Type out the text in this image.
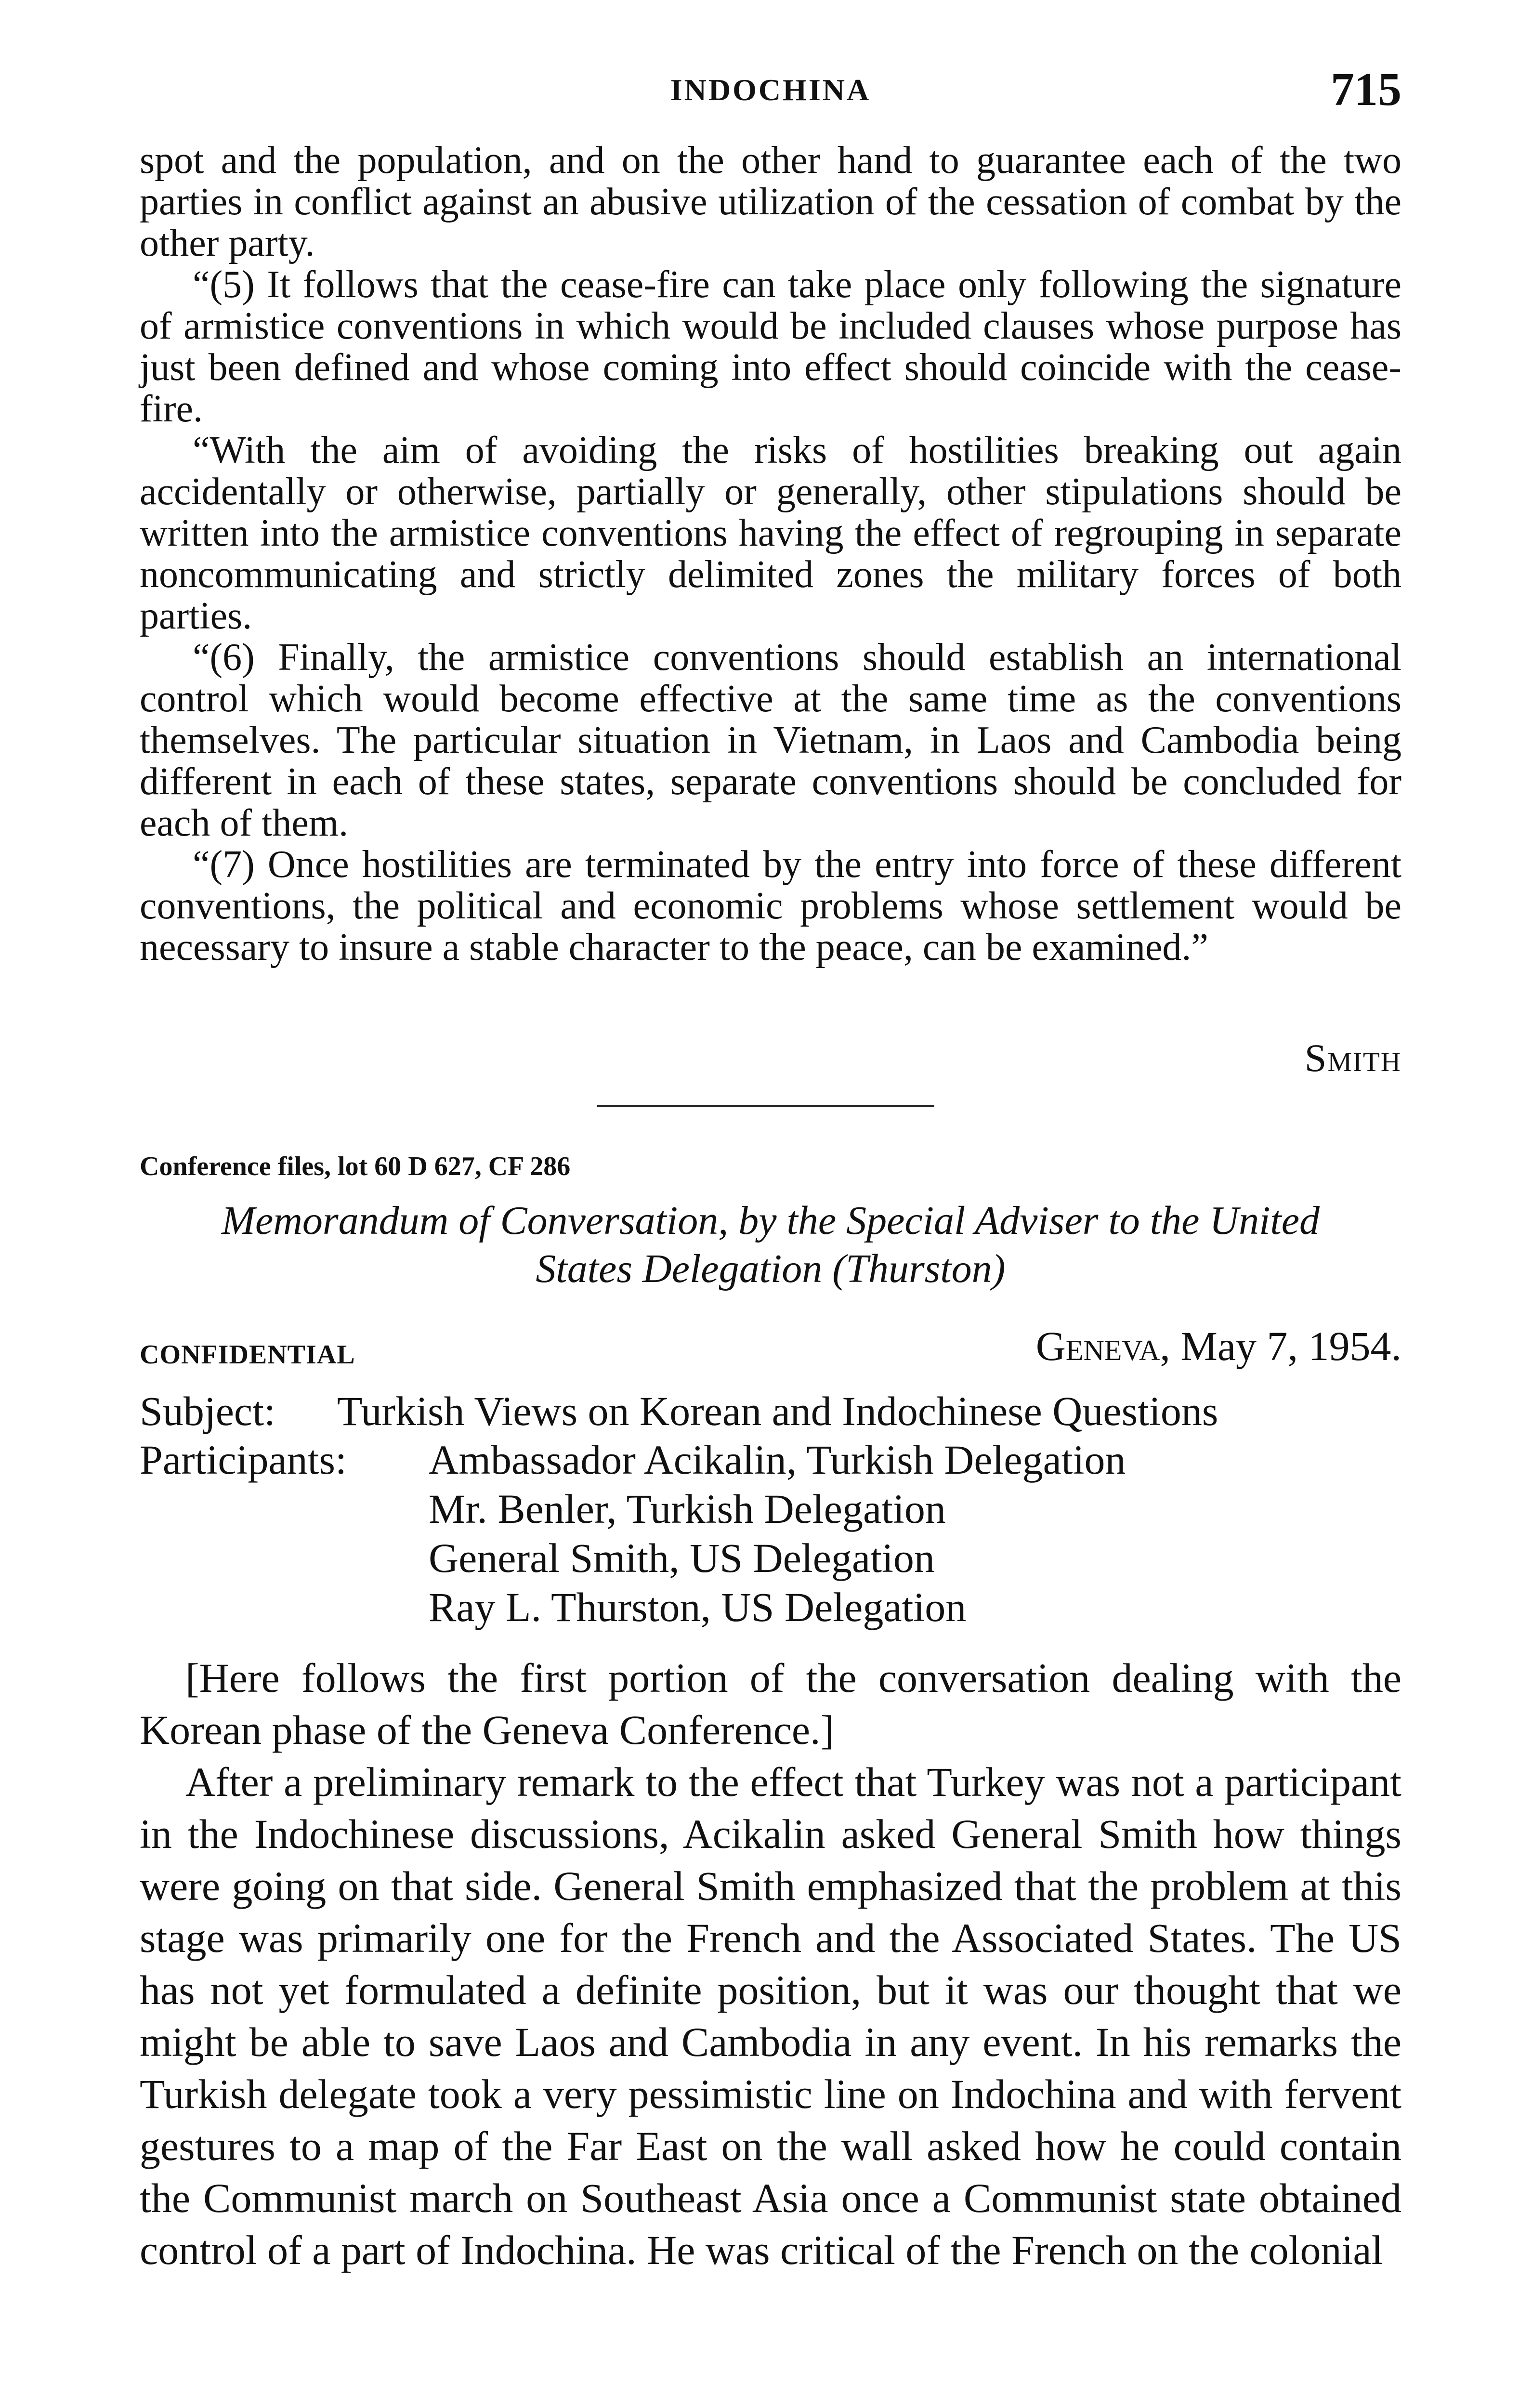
INDOCHINA	715

spot and the population, and on the other hand to guarantee each of the two parties in conflict against an abusive utilization of the cessation of combat by the other party.

“(5) It follows that the cease-fire can take place only following the signature of armistice conventions in which would be included clauses whose purpose has just been defined and whose coming into effect should coincide with the cease-fire.

“With the aim of avoiding the risks of hostilities breaking out again accidentally or otherwise, partially or generally, other stipulations should be written into the armistice conventions having the effect of regrouping in separate noncommunicating and strictly delimited zones the military forces of both parties.

“(6) Finally, the armistice conventions should establish an international control which would become effective at the same time as the conventions themselves. The particular situation in Vietnam, in Laos and Cambodia being different in each of these states, separate conventions should be concluded for each of them.

“(7) Once hostilities are terminated by the entry into force of these different conventions, the political and economic problems whose settlement would be necessary to insure a stable character to the peace, can be examined.”

Smith
Conference files, lot 60 D 627, CF 286
Memorandum of Conversation, by the Special Adviser to the United
States Delegation (Thurston)
CONFIDENTIAL	Geneva, May 7, 1954.
Subject: Turkish Views on Korean and Indochinese Questions
Participants: Ambassador Acikalin, Turkish Delegation
Mr. Benler, Turkish Delegation
General Smith, US Delegation
Ray L. Thurston, US Delegation

[Here follows the first portion of the conversation dealing with the Korean phase of the Geneva Conference.]

After a preliminary remark to the effect that Turkey was not a participant in the Indochinese discussions, Acikalin asked General Smith how things were going on that side. General Smith emphasized that the problem at this stage was primarily one for the French and the Associated States. The US has not yet formulated a definite position, but it was our thought that we might be able to save Laos and Cambodia in any event. In his remarks the Turkish delegate took a very pessimistic line on Indochina and with fervent gestures to a map of the Far East on the wall asked how he could contain the Communist march on Southeast Asia once a Communist state obtained control of a part of Indochina. He was critical of the French on the colonial
